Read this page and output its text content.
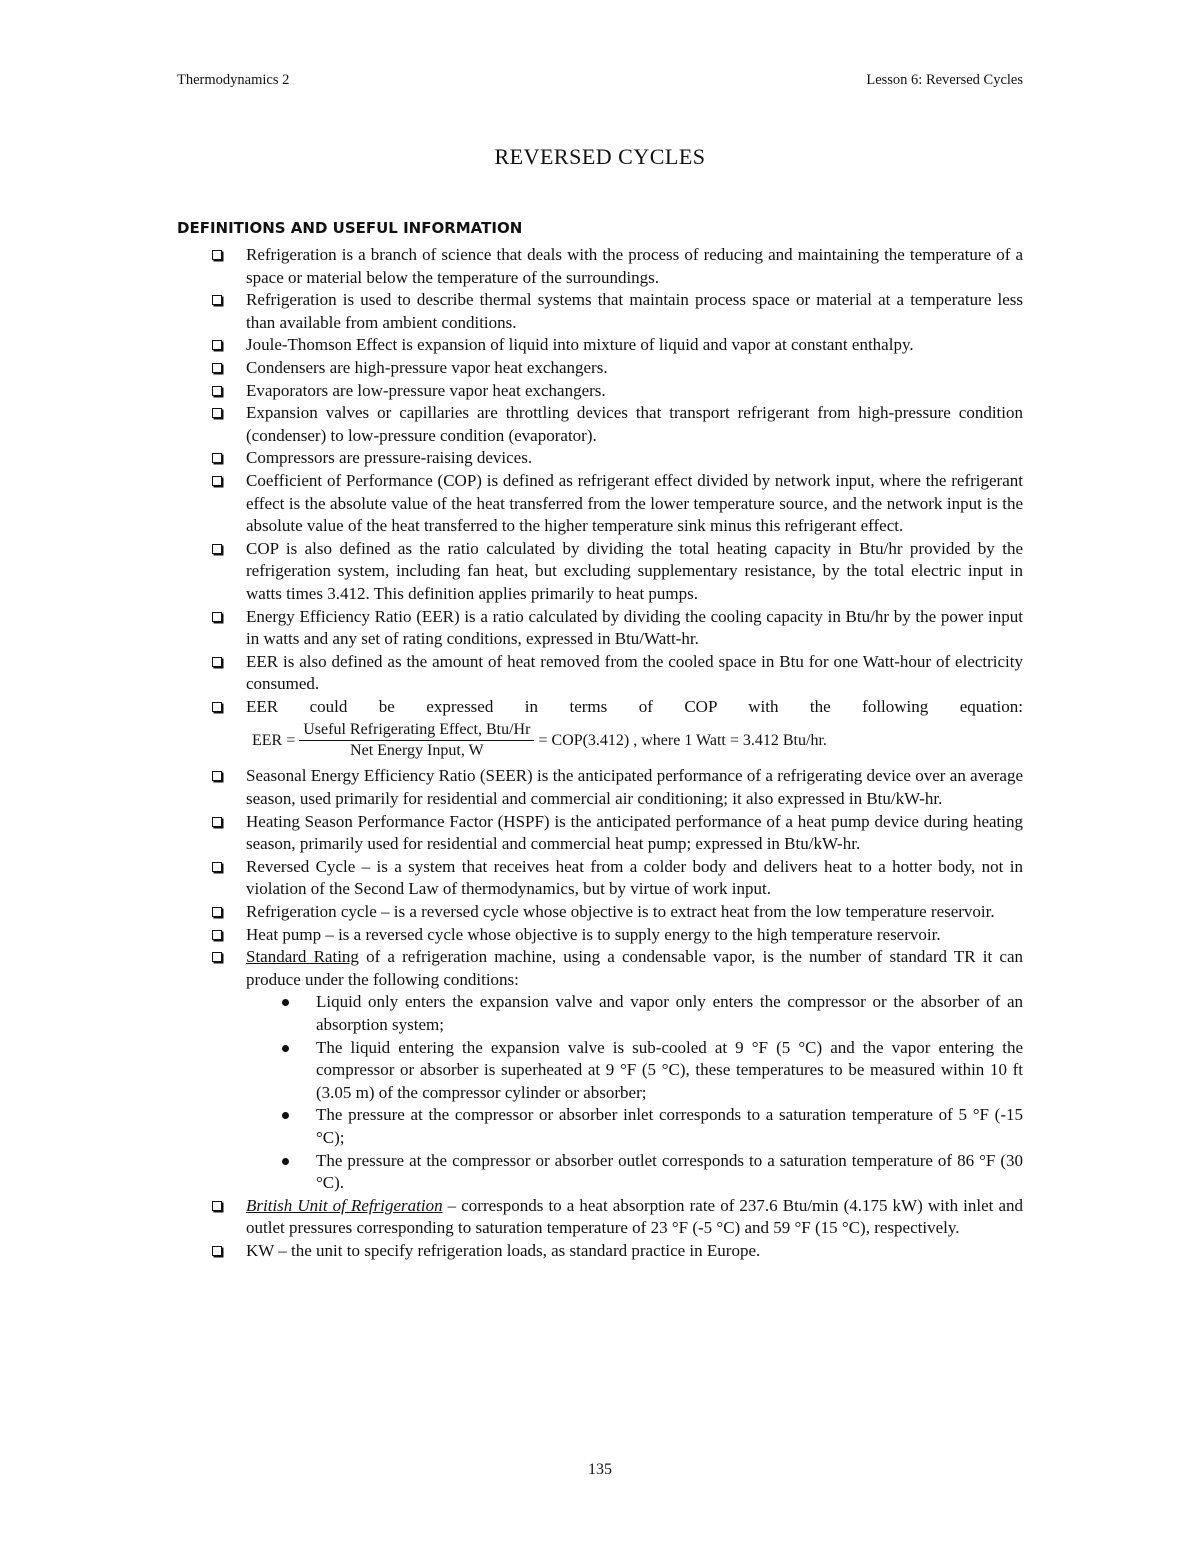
Thermodynamics 2	Lesson 6: Reversed Cycles
REVERSED CYCLES
DEFINITIONS AND USEFUL INFORMATION
Refrigeration is a branch of science that deals with the process of reducing and maintaining the temperature of a space or material below the temperature of the surroundings.
Refrigeration is used to describe thermal systems that maintain process space or material at a temperature less than available from ambient conditions.
Joule-Thomson Effect is expansion of liquid into mixture of liquid and vapor at constant enthalpy.
Condensers are high-pressure vapor heat exchangers.
Evaporators are low-pressure vapor heat exchangers.
Expansion valves or capillaries are throttling devices that transport refrigerant from high-pressure condition (condenser) to low-pressure condition (evaporator).
Compressors are pressure-raising devices.
Coefficient of Performance (COP) is defined as refrigerant effect divided by network input, where the refrigerant effect is the absolute value of the heat transferred from the lower temperature source, and the network input is the absolute value of the heat transferred to the higher temperature sink minus this refrigerant effect.
COP is also defined as the ratio calculated by dividing the total heating capacity in Btu/hr provided by the refrigeration system, including fan heat, but excluding supplementary resistance, by the total electric input in watts times 3.412. This definition applies primarily to heat pumps.
Energy Efficiency Ratio (EER) is a ratio calculated by dividing the cooling capacity in Btu/hr by the power input in watts and any set of rating conditions, expressed in Btu/Watt-hr.
EER is also defined as the amount of heat removed from the cooled space in Btu for one Watt-hour of electricity consumed.
EER could be expressed in terms of COP with the following equation:
EER = $\frac{\text{Useful Refrigerating Effect, Btu/Hr}}{\text{Net Energy Input, W}} = COP(3.412)$ , where 1 Watt = 3.412 Btu/hr.
Seasonal Energy Efficiency Ratio (SEER) is the anticipated performance of a refrigerating device over an average season, used primarily for residential and commercial air conditioning; it also expressed in Btu/kW-hr.
Heating Season Performance Factor (HSPF) is the anticipated performance of a heat pump device during heating season, primarily used for residential and commercial heat pump; expressed in Btu/kW-hr.
Reversed Cycle – is a system that receives heat from a colder body and delivers heat to a hotter body, not in violation of the Second Law of thermodynamics, but by virtue of work input.
Refrigeration cycle – is a reversed cycle whose objective is to extract heat from the low temperature reservoir.
Heat pump – is a reversed cycle whose objective is to supply energy to the high temperature reservoir.
Standard Rating of a refrigeration machine, using a condensable vapor, is the number of standard TR it can produce under the following conditions:
Liquid only enters the expansion valve and vapor only enters the compressor or the absorber of an absorption system;
The liquid entering the expansion valve is sub-cooled at 9 °F (5 °C) and the vapor entering the compressor or absorber is superheated at 9 °F (5 °C), these temperatures to be measured within 10 ft (3.05 m) of the compressor cylinder or absorber;
The pressure at the compressor or absorber inlet corresponds to a saturation temperature of 5 °F (-15 °C);
The pressure at the compressor or absorber outlet corresponds to a saturation temperature of 86 °F (30 °C).
British Unit of Refrigeration – corresponds to a heat absorption rate of 237.6 Btu/min (4.175 kW) with inlet and outlet pressures corresponding to saturation temperature of 23 °F (-5 °C) and 59 °F (15 °C), respectively.
KW – the unit to specify refrigeration loads, as standard practice in Europe.
135
